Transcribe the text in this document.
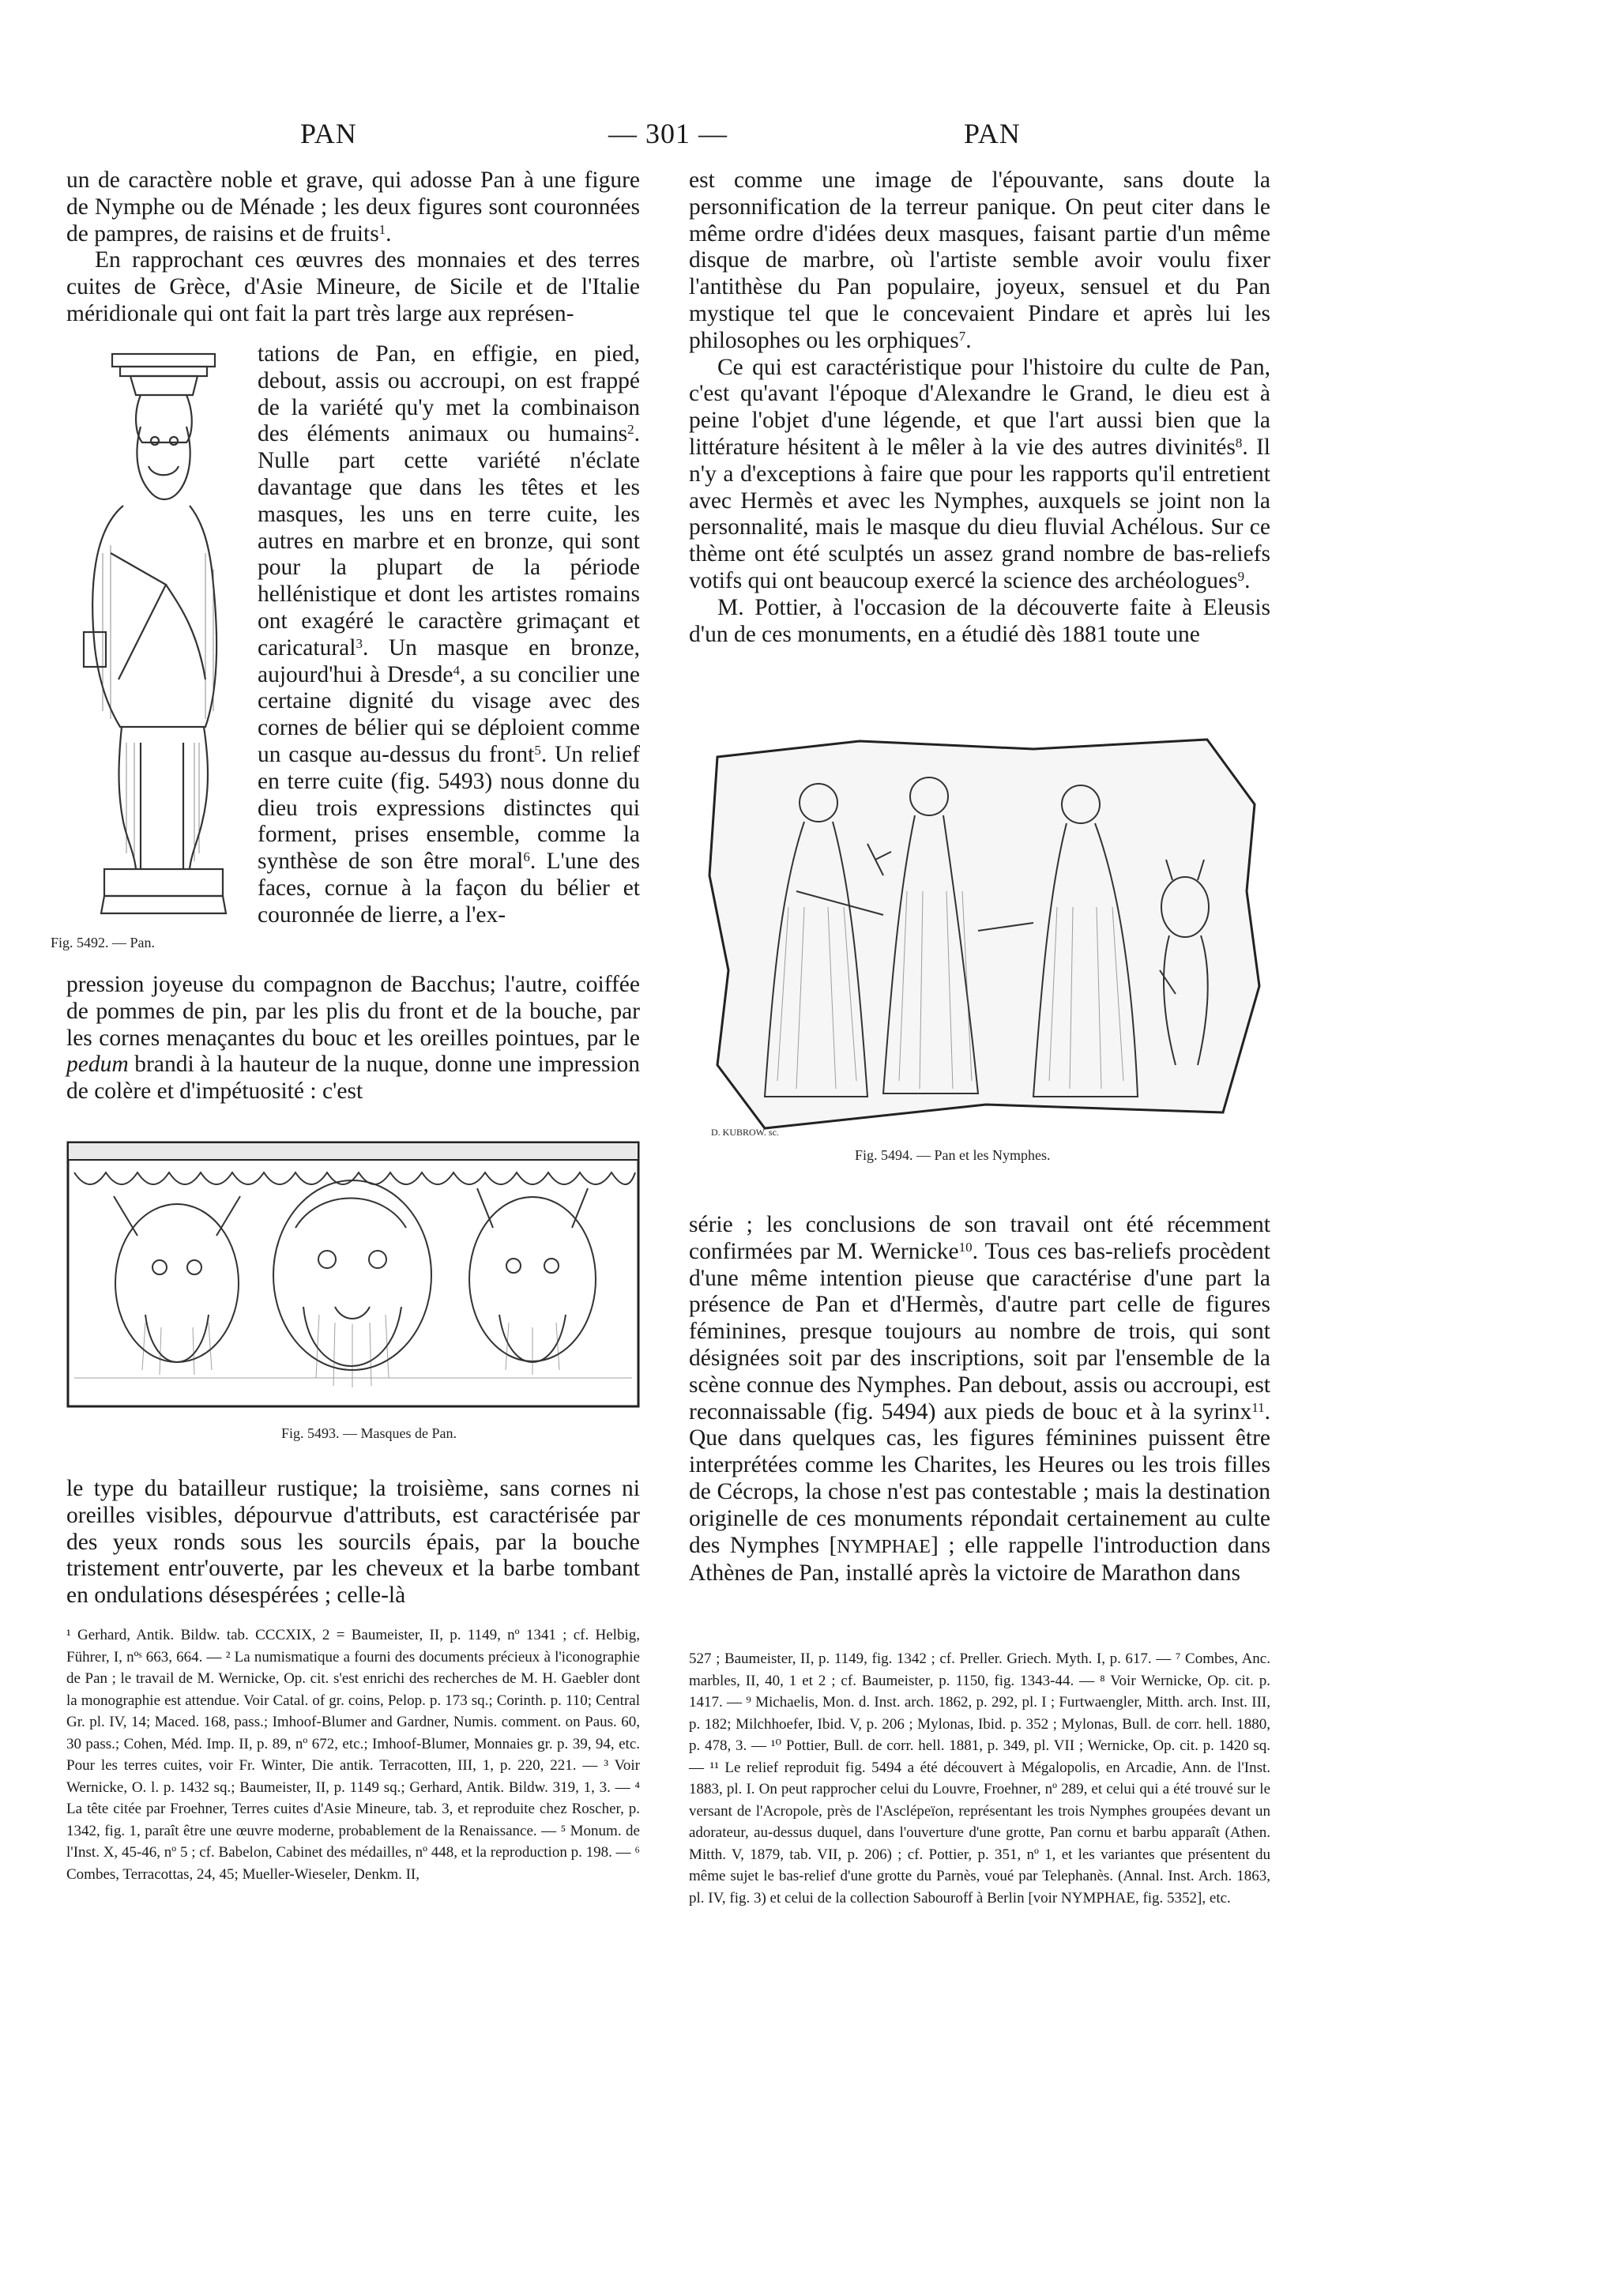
PAN	— 301 —	PAN

un de caractère noble et grave, qui adosse Pan à une figure de Nymphe ou de Ménade ; les deux figures sont couronnées de pampres, de raisins et de fruits$^1$.

En rapprochant ces œuvres des monnaies et des terres cuites de Grèce, d'Asie Mineure, de Sicile et de l'Italie méridionale qui ont fait la part très large aux représen-

Fig. 5492. — Pan.

tations de Pan, en effigie, en pied, debout, assis ou accroupi, on est frappé de la variété qu'y met la combinaison des éléments animaux ou humains$^2$. Nulle part cette variété n'éclate davantage que dans les têtes et les masques, les uns en terre cuite, les autres en marbre et en bronze, qui sont pour la plupart de la période hellénistique et dont les artistes romains ont exagéré le caractère grimaçant et caricatural$^3$. Un masque en bronze, aujourd'hui à Dresde$^4$, a su concilier une certaine dignité du visage avec des cornes de bélier qui se déploient comme un casque au-dessus du front$^5$. Un relief en terre cuite (fig. 5493) nous donne du dieu trois expressions distinctes qui forment, prises ensemble, comme la synthèse de son être moral$^6$. L'une des faces, cornue à la façon du bélier et couronnée de lierre, a l'ex-

pression joyeuse du compagnon de Bacchus; l'autre, coiffée de pommes de pin, par les plis du front et de la bouche, par les cornes menaçantes du bouc et les oreilles pointues, par le pedum brandi à la hauteur de la nuque, donne une impression de colère et d'impétuosité : c'est

Fig. 5493. — Masques de Pan.

le type du batailleur rustique; la troisième, sans cornes ni oreilles visibles, dépourvue d'attributs, est caractérisée par des yeux ronds sous les sourcils épais, par la bouche tristement entr'ouverte, par les cheveux et la barbe tombant en ondulations désespérées ; celle-là

¹ Gerhard, Antik. Bildw. tab. CCCXIX, 2 = Baumeister, II, p. 1149, nº 1341 ; cf. Helbig, Führer, I, nºˢ 663, 664. — ² La numismatique a fourni des documents précieux à l'iconographie de Pan ; le travail de M. Wernicke, Op. cit. s'est enrichi des recherches de M. H. Gaebler dont la monographie est attendue. Voir Catal. of gr. coins, Pelop. p. 173 sq.; Corinth. p. 110; Central Gr. pl. IV, 14; Maced. 168, pass.; Imhoof-Blumer and Gardner, Numis. comment. on Paus. 60, 30 pass.; Cohen, Méd. Imp. II, p. 89, nº 672, etc.; Imhoof-Blumer, Monnaies gr. p. 39, 94, etc. Pour les terres cuites, voir Fr. Winter, Die antik. Terracotten, III, 1, p. 220, 221. — ³ Voir Wernicke, O. l. p. 1432 sq.; Baumeister, II, p. 1149 sq.; Gerhard, Antik. Bildw. 319, 1, 3. — ⁴ La tête citée par Froehner, Terres cuites d'Asie Mineure, tab. 3, et reproduite chez Roscher, p. 1342, fig. 1, paraît être une œuvre moderne, probablement de la Renaissance. — ⁵ Monum. de l'Inst. X, 45-46, nº 5 ; cf. Babelon, Cabinet des médailles, nº 448, et la reproduction p. 198. — ⁶ Combes, Terracottas, 24, 45; Mueller-Wieseler, Denkm. II,

est comme une image de l'épouvante, sans doute la personnification de la terreur panique. On peut citer dans le même ordre d'idées deux masques, faisant partie d'un même disque de marbre, où l'artiste semble avoir voulu fixer l'antithèse du Pan populaire, joyeux, sensuel et du Pan mystique tel que le concevaient Pindare et après lui les philosophes ou les orphiques$^7$.

Ce qui est caractéristique pour l'histoire du culte de Pan, c'est qu'avant l'époque d'Alexandre le Grand, le dieu est à peine l'objet d'une légende, et que l'art aussi bien que la littérature hésitent à le mêler à la vie des autres divinités$^8$. Il n'y a d'exceptions à faire que pour les rapports qu'il entretient avec Hermès et avec les Nymphes, auxquels se joint non la personnalité, mais le masque du dieu fluvial Achélous. Sur ce thème ont été sculptés un assez grand nombre de bas-reliefs votifs qui ont beaucoup exercé la science des archéologues$^9$.

M. Pottier, à l'occasion de la découverte faite à Eleusis d'un de ces monuments, en a étudié dès 1881 toute une

D. KUBROW. sc.
Fig. 5494. — Pan et les Nymphes.

série ; les conclusions de son travail ont été récemment confirmées par M. Wernicke$^{10}$. Tous ces bas-reliefs procèdent d'une même intention pieuse que caractérise d'une part la présence de Pan et d'Hermès, d'autre part celle de figures féminines, presque toujours au nombre de trois, qui sont désignées soit par des inscriptions, soit par l'ensemble de la scène connue des Nymphes. Pan debout, assis ou accroupi, est reconnaissable (fig. 5494) aux pieds de bouc et à la syrinx$^{11}$. Que dans quelques cas, les figures féminines puissent être interprétées comme les Charites, les Heures ou les trois filles de Cécrops, la chose n'est pas contestable ; mais la destination originelle de ces monuments répondait certainement au culte des Nymphes [NYMPHAE] ; elle rappelle l'introduction dans Athènes de Pan, installé après la victoire de Marathon dans

527 ; Baumeister, II, p. 1149, fig. 1342 ; cf. Preller. Griech. Myth. I, p. 617. — ⁷ Combes, Anc. marbles, II, 40, 1 et 2 ; cf. Baumeister, p. 1150, fig. 1343-44. — ⁸ Voir Wernicke, Op. cit. p. 1417. — ⁹ Michaelis, Mon. d. Inst. arch. 1862, p. 292, pl. I ; Furtwaengler, Mitth. arch. Inst. III, p. 182; Milchhoefer, Ibid. V, p. 206 ; Mylonas, Ibid. p. 352 ; Mylonas, Bull. de corr. hell. 1880, p. 478, 3. — ¹⁰ Pottier, Bull. de corr. hell. 1881, p. 349, pl. VII ; Wernicke, Op. cit. p. 1420 sq. — ¹¹ Le relief reproduit fig. 5494 a été découvert à Mégalopolis, en Arcadie, Ann. de l'Inst. 1883, pl. I. On peut rapprocher celui du Louvre, Froehner, nº 289, et celui qui a été trouvé sur le versant de l'Acropole, près de l'Asclépeïon, représentant les trois Nymphes groupées devant un adorateur, au-dessus duquel, dans l'ouverture d'une grotte, Pan cornu et barbu apparaît (Athen. Mitth. V, 1879, tab. VII, p. 206) ; cf. Pottier, p. 351, nº 1, et les variantes que présentent du même sujet le bas-relief d'une grotte du Parnès, voué par Telephanès. (Annal. Inst. Arch. 1863, pl. IV, fig. 3) et celui de la collection Sabouroff à Berlin [voir NYMPHAE, fig. 5352], etc.
